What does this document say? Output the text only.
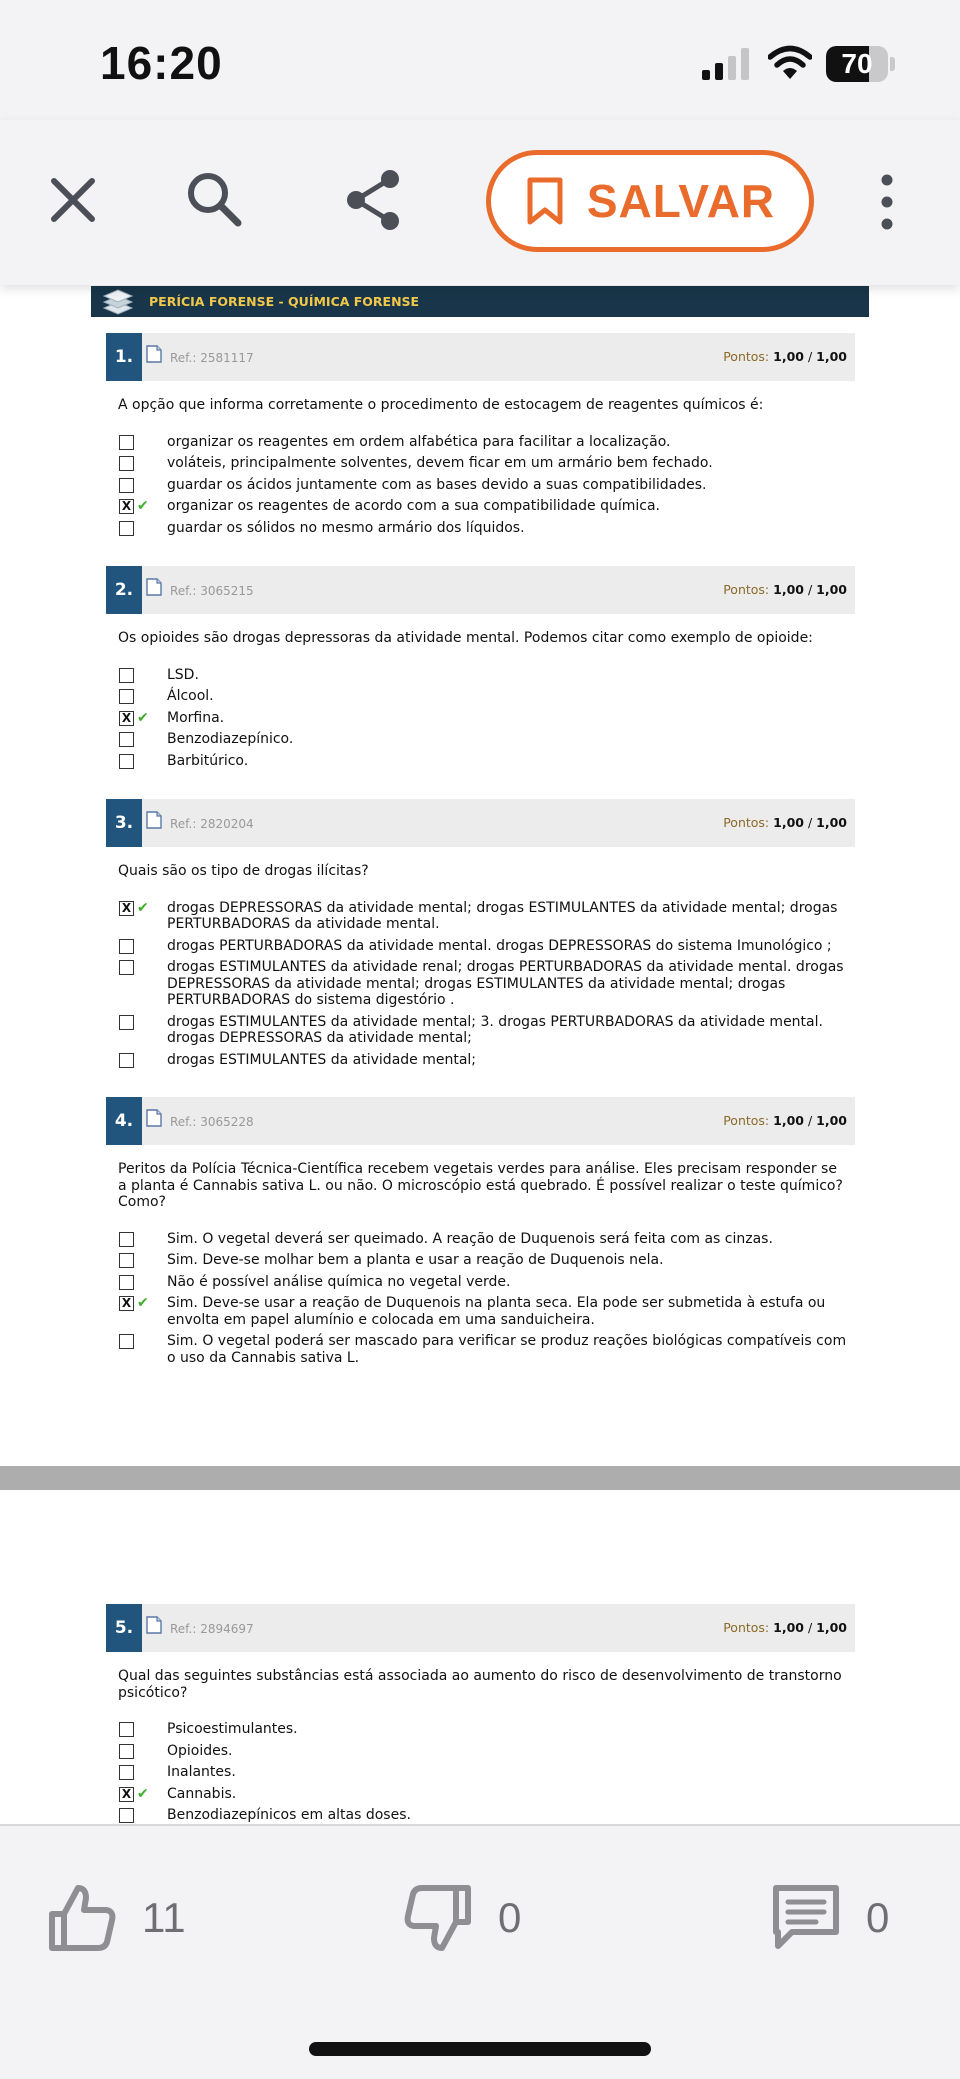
16:20	70
SALVAR
PERÍCIA FORENSE - QUÍMICA FORENSE
1.	Ref.: 2581117	Pontos: 1,00 / 1,00
A opção que informa corretamente o procedimento de estocagem de reagentes químicos é:
organizar os reagentes em ordem alfabética para facilitar a localização.
voláteis, principalmente solventes, devem ficar em um armário bem fechado.
guardar os ácidos juntamente com as bases devido a suas compatibilidades.
X ✔ organizar os reagentes de acordo com a sua compatibilidade química.
guardar os sólidos no mesmo armário dos líquidos.
2.	Ref.: 3065215	Pontos: 1,00 / 1,00
Os opioides são drogas depressoras da atividade mental. Podemos citar como exemplo de opioide:
LSD.
Álcool.
X ✔ Morfina.
Benzodiazepínico.
Barbitúrico.
3.	Ref.: 2820204	Pontos: 1,00 / 1,00
Quais são os tipo de drogas ilícitas?
X ✔ drogas DEPRESSORAS da atividade mental; drogas ESTIMULANTES da atividade mental; drogas PERTURBADORAS da atividade mental.
drogas PERTURBADORAS da atividade mental. drogas DEPRESSORAS do sistema Imunológico ;
drogas ESTIMULANTES da atividade renal; drogas PERTURBADORAS da atividade mental. drogas DEPRESSORAS da atividade mental; drogas ESTIMULANTES da atividade mental; drogas PERTURBADORAS do sistema digestório .
drogas ESTIMULANTES da atividade mental; 3. drogas PERTURBADORAS da atividade mental. drogas DEPRESSORAS da atividade mental;
drogas ESTIMULANTES da atividade mental;
4.	Ref.: 3065228	Pontos: 1,00 / 1,00
Peritos da Polícia Técnica-Científica recebem vegetais verdes para análise. Eles precisam responder se a planta é Cannabis sativa L. ou não. O microscópio está quebrado. É possível realizar o teste químico? Como?
Sim. O vegetal deverá ser queimado. A reação de Duquenois será feita com as cinzas.
Sim. Deve-se molhar bem a planta e usar a reação de Duquenois nela.
Não é possível análise química no vegetal verde.
X ✔ Sim. Deve-se usar a reação de Duquenois na planta seca. Ela pode ser submetida à estufa ou envolta em papel alumínio e colocada em uma sanduicheira.
Sim. O vegetal poderá ser mascado para verificar se produz reações biológicas compatíveis com o uso da Cannabis sativa L.
5.	Ref.: 2894697	Pontos: 1,00 / 1,00
Qual das seguintes substâncias está associada ao aumento do risco de desenvolvimento de transtorno psicótico?
Psicoestimulantes.
Opioides.
Inalantes.
X ✔ Cannabis.
Benzodiazepínicos em altas doses.
11	0	0
